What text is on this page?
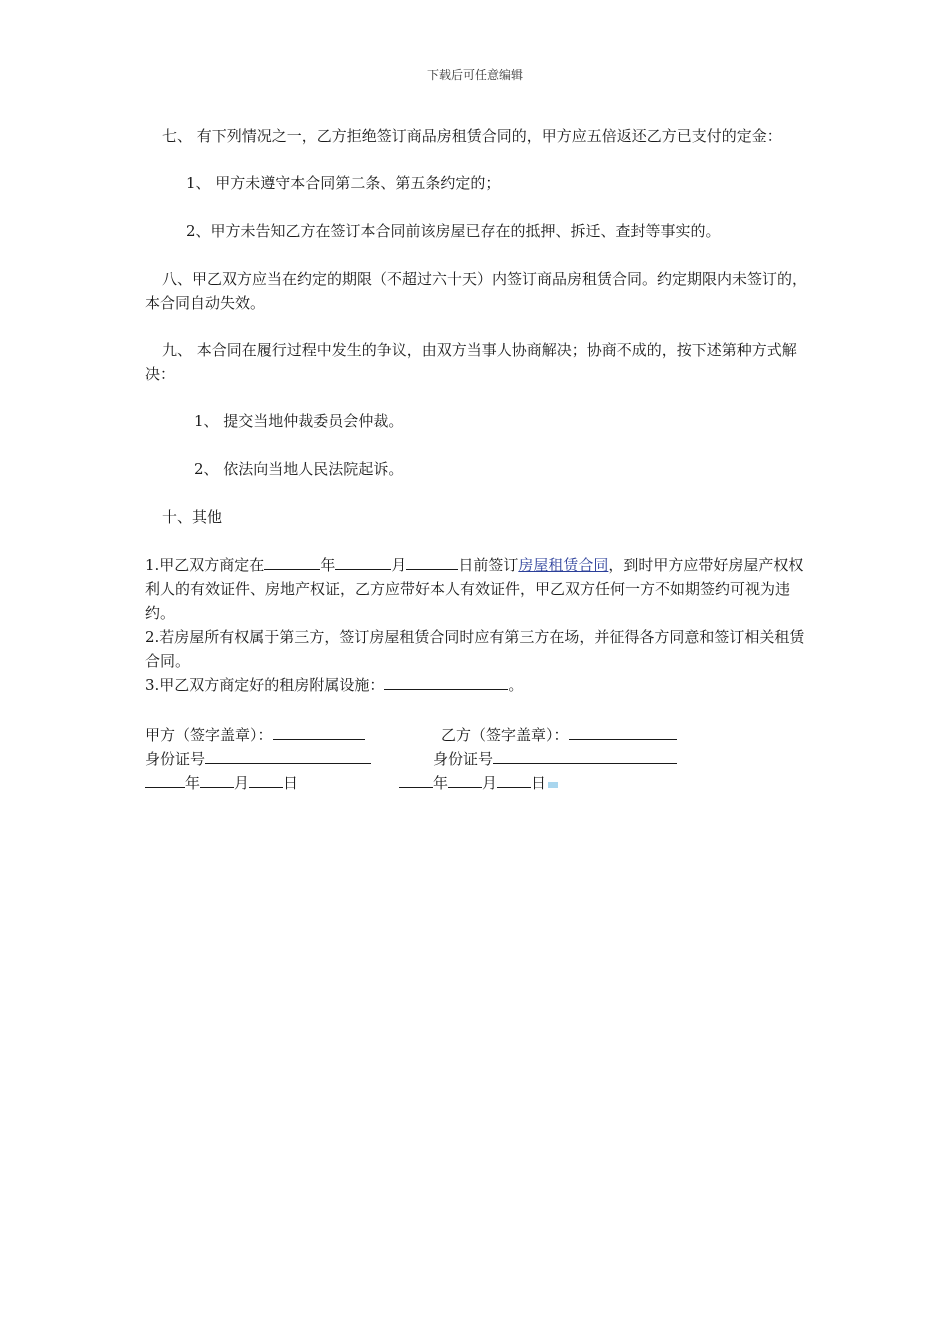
下载后可任意编辑

七、 有下列情况之一，乙方拒绝签订商品房租赁合同的，甲方应五倍返还乙方已支付的定金：

1、 甲方未遵守本合同第二条、第五条约定的；

2、甲方未告知乙方在签订本合同前该房屋已存在的抵押、拆迁、查封等事实的。

八、甲乙双方应当在约定的期限（不超过六十天）内签订商品房租赁合同。约定期限内未签订的，本合同自动失效。

九、 本合同在履行过程中发生的争议，由双方当事人协商解决；协商不成的，按下述第种方式解决：

1、 提交当地仲裁委员会仲裁。

2、 依法向当地人民法院起诉。

十、其他

1.甲乙双方商定在	年	月	日前签订房屋租赁合同，到时甲方应带好房屋产权权利人的有效证件、房地产权证，乙方应带好本人有效证件，甲乙双方任何一方不如期签约可视为违约。

2.若房屋所有权属于第三方，签订房屋租赁合同时应有第三方在场，并征得各方同意和签订相关租赁合同。

3.甲乙双方商定好的租房附属设施：	。

甲方（签字盖章）：	乙方（签字盖章）：
身份证号	身份证号
年 月 日	年 月 日
